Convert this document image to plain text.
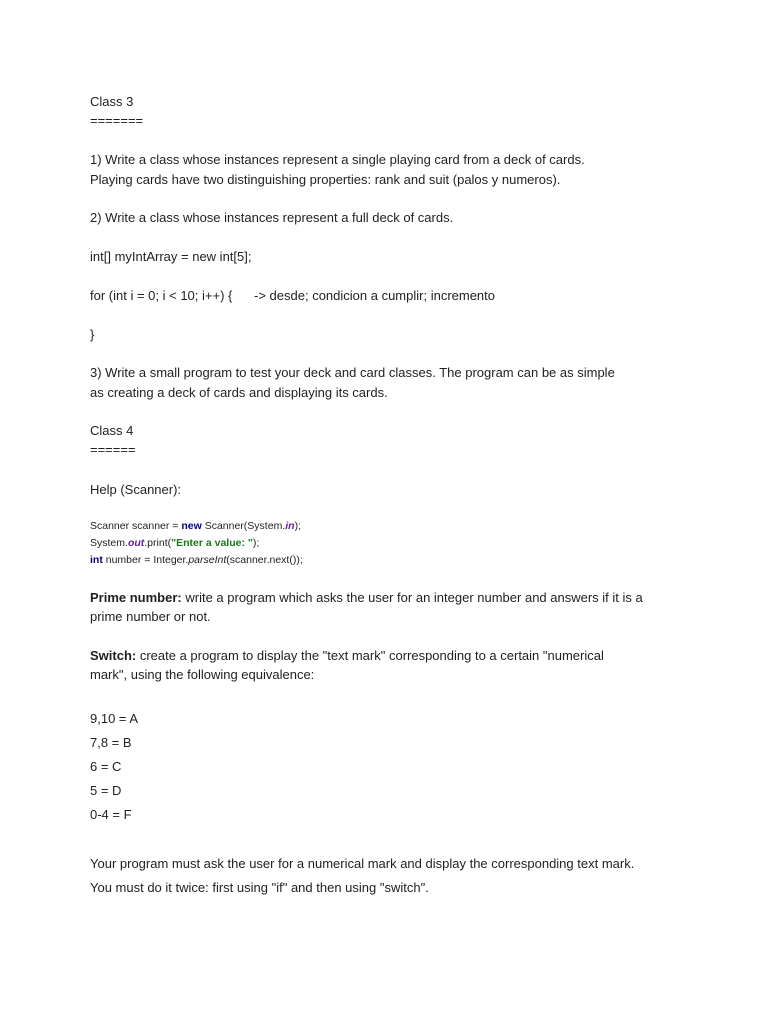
Class 3

=======

1) Write a class whose instances represent a single playing card from a deck of cards.

Playing cards have two distinguishing properties: rank and suit (palos y numeros).

2) Write a class whose instances represent a full deck of cards.

int[] myIntArray = new int[5];

for (int i = 0; i < 10; i++) {      -> desde; condicion a cumplir; incremento

}

3) Write a small program to test your deck and card classes. The program can be as simple

as creating a deck of cards and displaying its cards.

Class 4

======

Help (Scanner):

Scanner scanner = new Scanner(System.in);

System.out.print("Enter a value: ");

int number = Integer.parseInt(scanner.next());

Prime number: write a program which asks the user for an integer number and answers if it is a

prime number or not.

Switch: create a program to display the "text mark" corresponding to a certain "numerical

mark", using the following equivalence:

9,10 = A

7,8 = B

6 = C

5 = D

0-4 = F

Your program must ask the user for a numerical mark and display the corresponding text mark.

You must do it twice: first using "if" and then using "switch".
